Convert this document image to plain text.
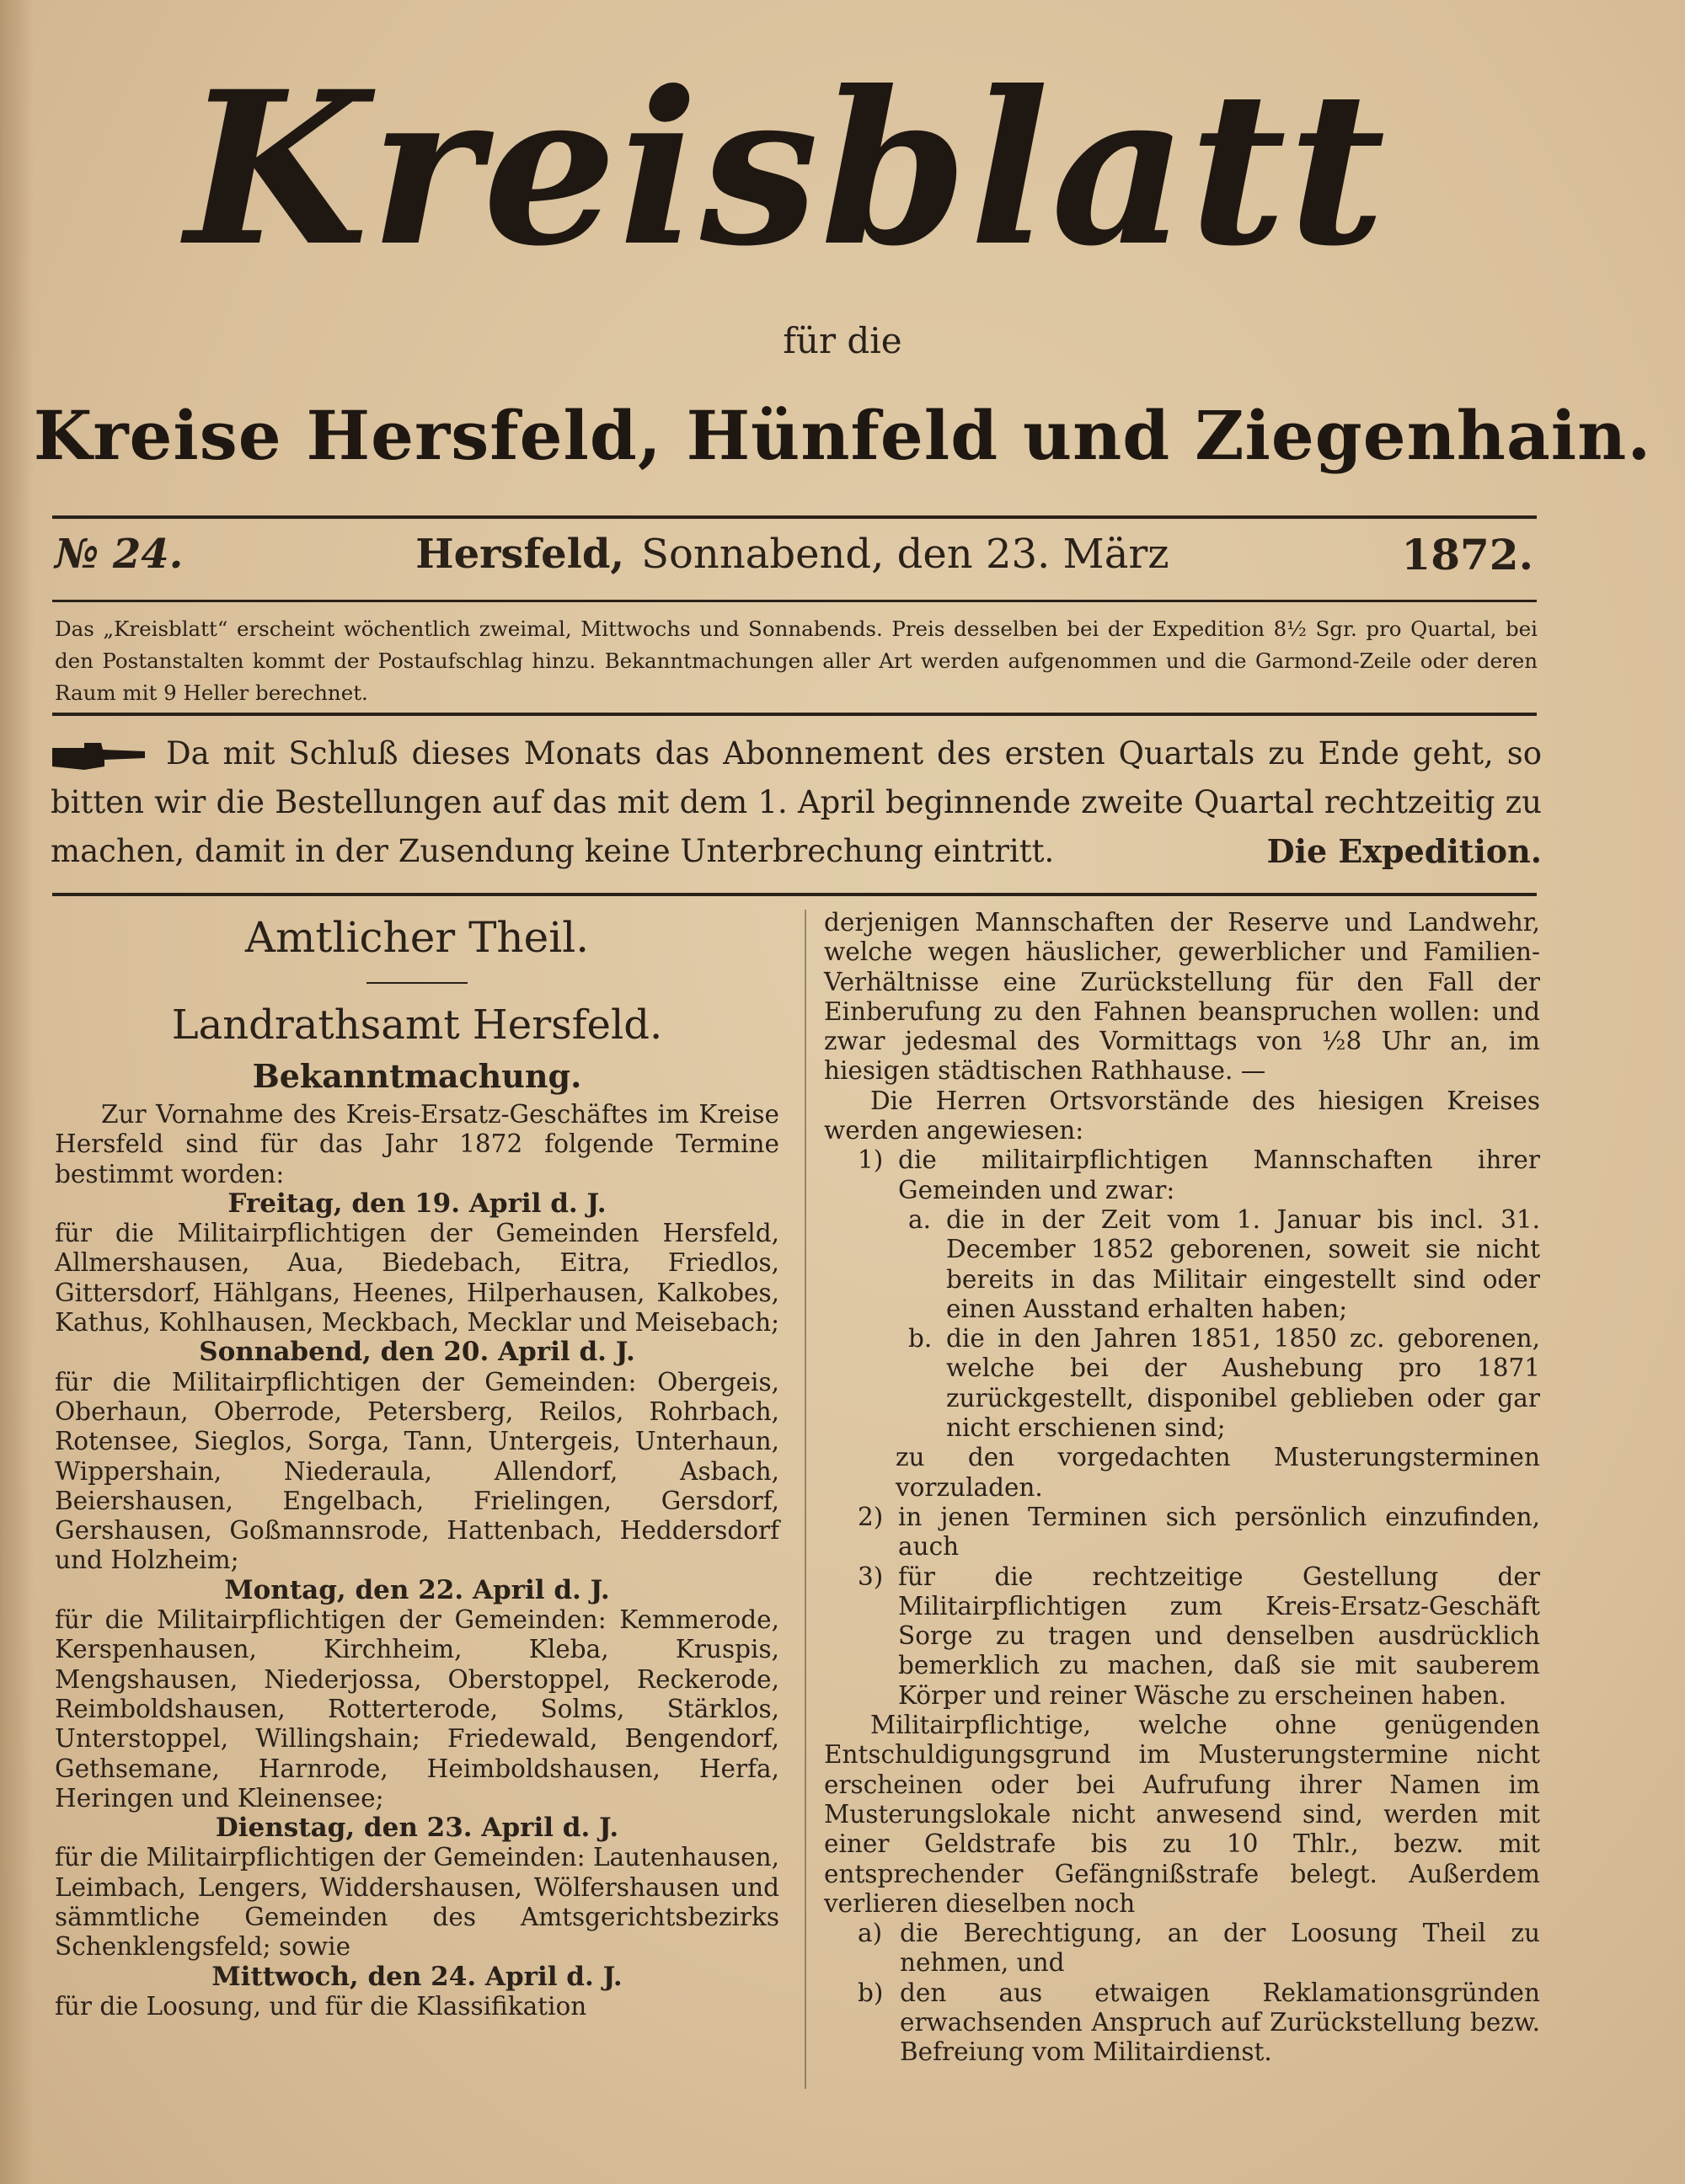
Kreis blatt
für die
Kreise Hersfeld, Hünfeld und Ziegenhain.
№ 24.	Hersfeld, Sonnabend, den 23. März	1872.
Das „Kreisblatt“ erscheint wöchentlich zweimal, Mittwochs und Sonnabends. Preis desselben bei der Expedition 8½ Sgr. pro Quartal, bei den Postanstalten kommt der Postaufschlag hinzu. Bekanntmachungen aller Art werden aufgenommen und die Garmond-Zeile oder deren Raum mit 9 Heller berechnet.
Da mit Schluß dieses Monats das Abonnement des ersten Quartals zu Ende geht, so bitten wir die Bestellungen auf das mit dem 1. April beginnende zweite Quartal rechtzeitig zu machen, damit in der Zusendung keine Unterbrechung eintritt.	Die Expedition.

Amtlicher Theil.

Landrathsamt Hersfeld.

Bekanntmachung.

Zur Vornahme des Kreis-Ersatz-Geschäftes im Kreise Hersfeld sind für das Jahr 1872 folgende Termine bestimmt worden:

Freitag, den 19. April d. J.

für die Militairpflichtigen der Gemeinden Hersfeld, Allmershausen, Aua, Biedebach, Eitra, Friedlos, Gittersdorf, Hählgans, Heenes, Hilperhausen, Kalkobes, Kathus, Kohlhausen, Meckbach, Mecklar und Meisebach;

Sonnabend, den 20. April d. J.

für die Militairpflichtigen der Gemeinden: Obergeis, Oberhaun, Oberrode, Petersberg, Reilos, Rohrbach, Rotensee, Sieglos, Sorga, Tann, Untergeis, Unterhaun, Wippershain, Niederaula, Allendorf, Asbach, Beiershausen, Engelbach, Frielingen, Gersdorf, Gershausen, Goßmannsrode, Hattenbach, Heddersdorf und Holzheim;

Montag, den 22. April d. J.

für die Militairpflichtigen der Gemeinden: Kemmerode, Kerspenhausen, Kirchheim, Kleba, Kruspis, Mengshausen, Niederjossa, Oberstoppel, Reckerode, Reimboldshausen, Rotterterode, Solms, Stärklos, Unterstoppel, Willingshain; Friedewald, Bengendorf, Gethsemane, Harnrode, Heimboldshausen, Herfa, Heringen und Kleinensee;

Dienstag, den 23. April d. J.

für die Militairpflichtigen der Gemeinden: Lautenhausen, Leimbach, Lengers, Widdershausen, Wölfershausen und sämmtliche Gemeinden des Amtsgerichtsbezirks Schenklengsfeld; sowie

Mittwoch, den 24. April d. J.

für die Loosung, und für die Klassifikation

derjenigen Mannschaften der Reserve und Landwehr, welche wegen häuslicher, gewerblicher und Familien-Verhältnisse eine Zurückstellung für den Fall der Einberufung zu den Fahnen beanspruchen wollen: und zwar jedesmal des Vormittags von ½8 Uhr an, im hiesigen städtischen Rathhause. —

Die Herren Ortsvorstände des hiesigen Kreises werden angewiesen:

1) die militairpflichtigen Mannschaften ihrer Gemeinden und zwar:
a. die in der Zeit vom 1. Januar bis incl. 31. December 1852 geborenen, soweit sie nicht bereits in das Militair eingestellt sind oder einen Ausstand erhalten haben;
b. die in den Jahren 1851, 1850 zc. geborenen, welche bei der Aushebung pro 1871 zurückgestellt, disponibel geblieben oder gar nicht erschienen sind;

zu den vorgedachten Musterungsterminen vorzuladen.

2) in jenen Terminen sich persönlich einzufinden, auch
3) für die rechtzeitige Gestellung der Militairpflichtigen zum Kreis-Ersatz-Geschäft Sorge zu tragen und denselben ausdrücklich bemerklich zu machen, daß sie mit sauberem Körper und reiner Wäsche zu erscheinen haben.

Militairpflichtige, welche ohne genügenden Entschuldigungsgrund im Musterungstermine nicht erscheinen oder bei Aufrufung ihrer Namen im Musterungslokale nicht anwesend sind, werden mit einer Geldstrafe bis zu 10 Thlr., bezw. mit entsprechender Gefängnißstrafe belegt. Außerdem verlieren dieselben noch

a) die Berechtigung, an der Loosung Theil zu nehmen, und
b) den aus etwaigen Reklamationsgründen erwachsenden Anspruch auf Zurückstellung bezw. Befreiung vom Militairdienst.
